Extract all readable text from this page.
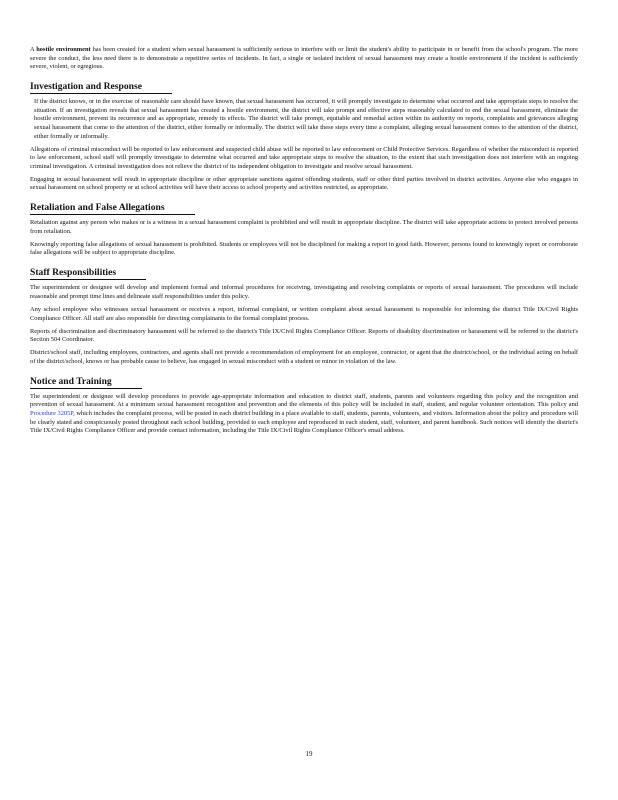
A hostile environment has been created for a student when sexual harassment is sufficiently serious to interfere with or limit the student's ability to participate in or benefit from the school's program. The more severe the conduct, the less need there is to demonstrate a repetitive series of incidents. In fact, a single or isolated incident of sexual harassment may create a hostile environment if the incident is sufficiently severe, violent, or egregious.

Investigation and Response

If the district knows, or in the exercise of reasonable care should have known, that sexual harassment has occurred, it will promptly investigate to determine what occurred and take appropriate steps to resolve the situation. If an investigation reveals that sexual harassment has created a hostile environment, the district will take prompt and effective steps reasonably calculated to end the sexual harassment, eliminate the hostile environment, prevent its recurrence and as appropriate, remedy its effects. The district will take prompt, equitable and remedial action within its authority on reports, complaints and grievances alleging sexual harassment that come to the attention of the district, either formally or informally. The district will take these steps every time a complaint, alleging sexual harassment comes to the attention of the district, either formally or informally.

Allegations of criminal misconduct will be reported to law enforcement and suspected child abuse will be reported to law enforcement or Child Protective Services. Regardless of whether the misconduct is reported to law enforcement, school staff will promptly investigate to determine what occurred and take appropriate steps to resolve the situation, to the extent that such investigation does not interfere with an ongoing criminal investigation. A criminal investigation does not relieve the district of its independent obligation to investigate and resolve sexual harassment.

Engaging in sexual harassment will result in appropriate discipline or other appropriate sanctions against offending students, staff or other third parties involved in district activities. Anyone else who engages in sexual harassment on school property or at school activities will have their access to school property and activities restricted, as appropriate.

Retaliation and False Allegations

Retaliation against any person who makes or is a witness in a sexual harassment complaint is prohibited and will result in appropriate discipline. The district will take appropriate actions to protect involved persons from retaliation.

Knowingly reporting false allegations of sexual harassment is prohibited. Students or employees will not be disciplined for making a report in good faith. However, persons found to knowingly report or corroborate false allegations will be subject to appropriate discipline.

Staff Responsibilities

The superintendent or designee will develop and implement formal and informal procedures for receiving, investigating and resolving complaints or reports of sexual harassment. The procedures will include reasonable and prompt time lines and delineate staff responsibilities under this policy.

Any school employee who witnesses sexual harassment or receives a report, informal complaint, or written complaint about sexual harassment is responsible for informing the district Title IX/Civil Rights Compliance Officer. All staff are also responsible for directing complainants to the formal complaint process.

Reports of discrimination and discriminatory harassment will be referred to the district's Title IX/Civil Rights Compliance Officer. Reports of disability discrimination or harassment will be referred to the district's Section 504 Coordinator.

District/school staff, including employees, contractors, and agents shall not provide a recommendation of employment for an employee, contractor, or agent that the district/school, or the individual acting on behalf of the district/school, knows or has probable cause to believe, has engaged in sexual misconduct with a student or minor in violation of the law.

Notice and Training

The superintendent or designee will develop procedures to provide age-appropriate information and education to district staff, students, parents and volunteers regarding this policy and the recognition and prevention of sexual harassment. At a minimum sexual harassment recognition and prevention and the elements of this policy will be included in staff, student, and regular volunteer orientation. This policy and Procedure 3205P, which includes the complaint process, will be posted in each district building in a place available to staff, students, parents, volunteers, and visitors. Information about the policy and procedure will be clearly stated and conspicuously posted throughout each school building, provided to each employee and reproduced in each student, staff, volunteer, and parent handbook. Such notices will identify the district's Title IX/Civil Rights Compliance Officer and provide contact information, including the Title IX/Civil Rights Compliance Officer's email address.

19
